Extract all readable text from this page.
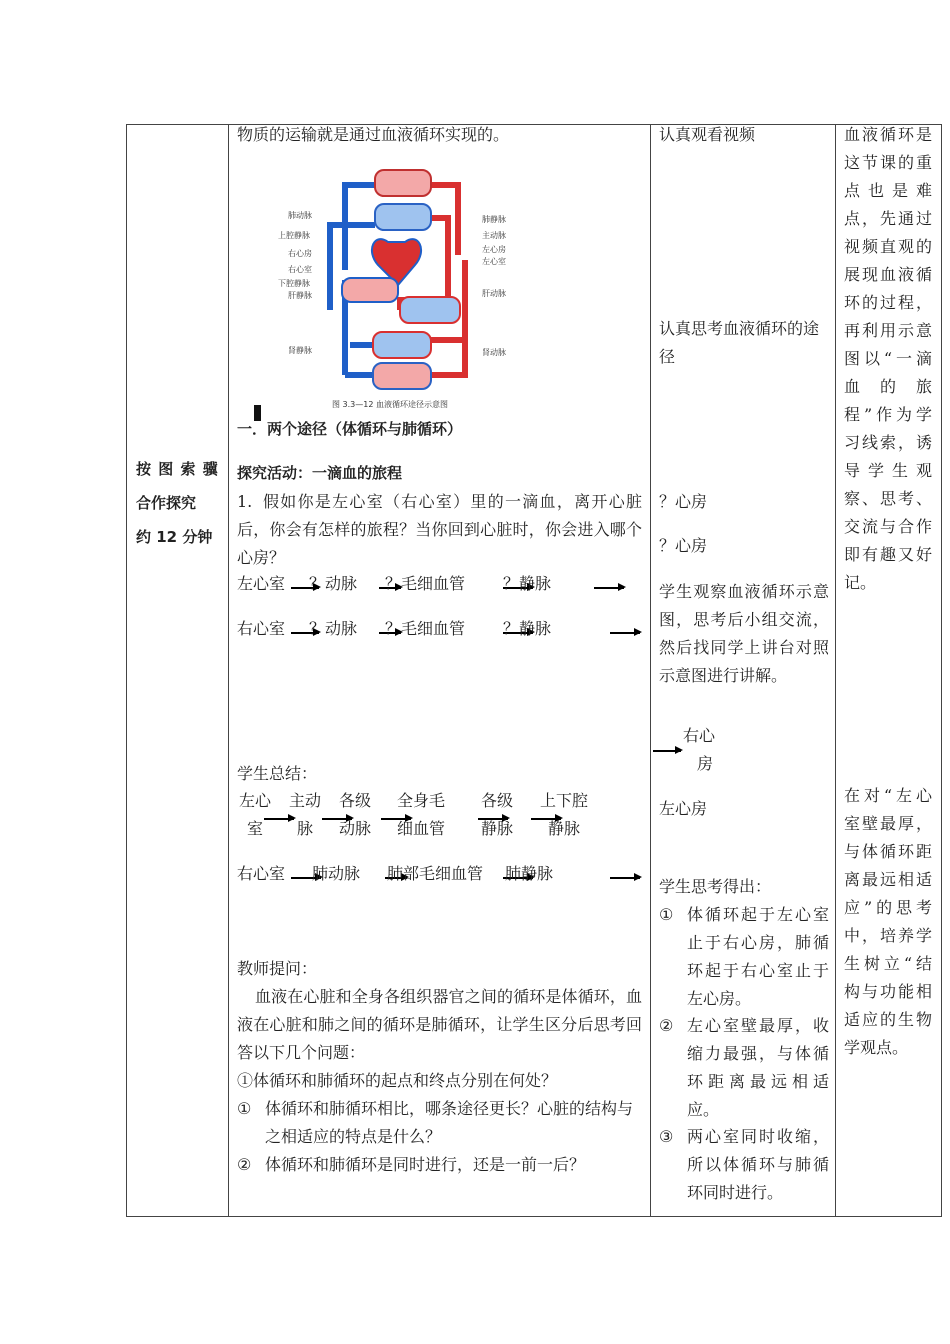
按 图 索 骥
合作探究
约 12 分钟
物质的运输就是通过血液循环实现的。
肺动脉
上腔静脉
右心房
右心室
下腔静脉
肝静脉
肾静脉
肺静脉
主动脉
左心房
左心室
肝动脉
肾动脉
图 3.3—12 血液循环途径示意图
一．两个途径（体循环与肺循环）
探究活动：一滴血的旅程
1. 假如你是左心室（右心室）里的一滴血，离开心脏后，你会有怎样的旅程？当你回到心脏时，你会进入哪个心房？
左心室 ？动脉 ？毛细血管 ？静脉
右心室 ？动脉 ？毛细血管 ？静脉
学生总结：
左心
室
主动
脉
各级
动脉
全身毛
细血管
各级
静脉
上下腔
静脉
右心室 肺动脉 肺部毛细血管 肺静脉
教师提问：
血液在心脏和全身各组织器官之间的循环是体循环，血液在心脏和肺之间的循环是肺循环，让学生区分后思考回答以下几个问题：
①体循环和肺循环的起点和终点分别在何处？
① 体循环和肺循环相比，哪条途径更长？心脏的结构与之相适应的特点是什么？
② 体循环和肺循环是同时进行，还是一前一后？
认真观看视频
认真思考血液循环的途径
？心房
？心房
学生观察血液循环示意图，思考后小组交流，然后找同学上讲台对照示意图进行讲解。
右心
房
左心房
学生思考得出：
① 体循环起于左心室止于右心房，肺循环起于右心室止于左心房。
② 左心室壁最厚，收缩力最强，与体循环距离最远相适应。
③ 两心室同时收缩，所以体循环与肺循环同时进行。
血液循环是这节课的重点也是难点，先通过视频直观的展现血液循环的过程，再利用示意图以“一滴血的旅程”作为学习线索，诱导学生观察、思考、交流与合作即有趣又好记。
在对“左心室壁最厚，与体循环距离最远相适应”的思考中，培养学生树立“结构与功能相适应的生物学观点。
